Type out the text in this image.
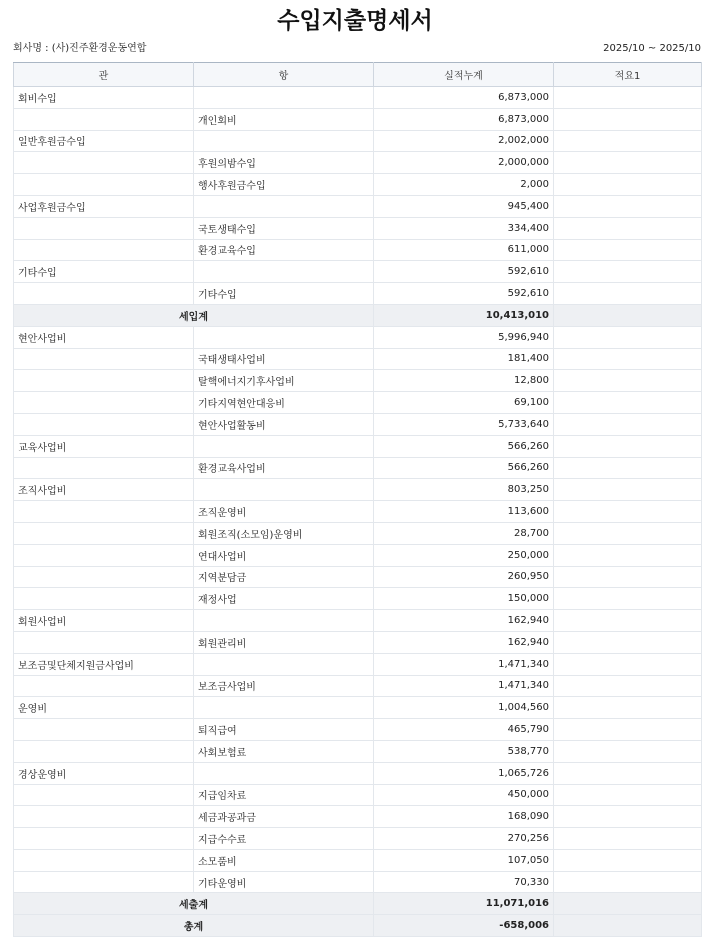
수입지출명세서
회사명 : (사)진주환경운동연합	2025/10 ~ 2025/10
관	항	실적누계	적요1
회비수입		6,873,000	
	개인회비	6,873,000	
일반후원금수입		2,002,000	
	후원의밤수입	2,000,000	
	행사후원금수입	2,000	
사업후원금수입		945,400	
	국토생태수입	334,400	
	환경교육수입	611,000	
기타수입		592,610	
	기타수입	592,610	
세입계		10,413,010	
현안사업비		5,996,940	
	국태생태사업비	181,400	
	탈핵에너지기후사업비	12,800	
	기타지역현안대응비	69,100	
	현안사업활동비	5,733,640	
교육사업비		566,260	
	환경교육사업비	566,260	
조직사업비		803,250	
	조직운영비	113,600	
	회원조직(소모임)운영비	28,700	
	연대사업비	250,000	
	지역분담금	260,950	
	재정사업	150,000	
회원사업비		162,940	
	회원관리비	162,940	
보조금및단체지원금사업비		1,471,340	
	보조금사업비	1,471,340	
운영비		1,004,560	
	퇴직급여	465,790	
	사회보험료	538,770	
경상운영비		1,065,726	
	지급임차료	450,000	
	세금과공과금	168,090	
	지급수수료	270,256	
	소모품비	107,050	
	기타운영비	70,330	
세출계		11,071,016	
총계		-658,006	
